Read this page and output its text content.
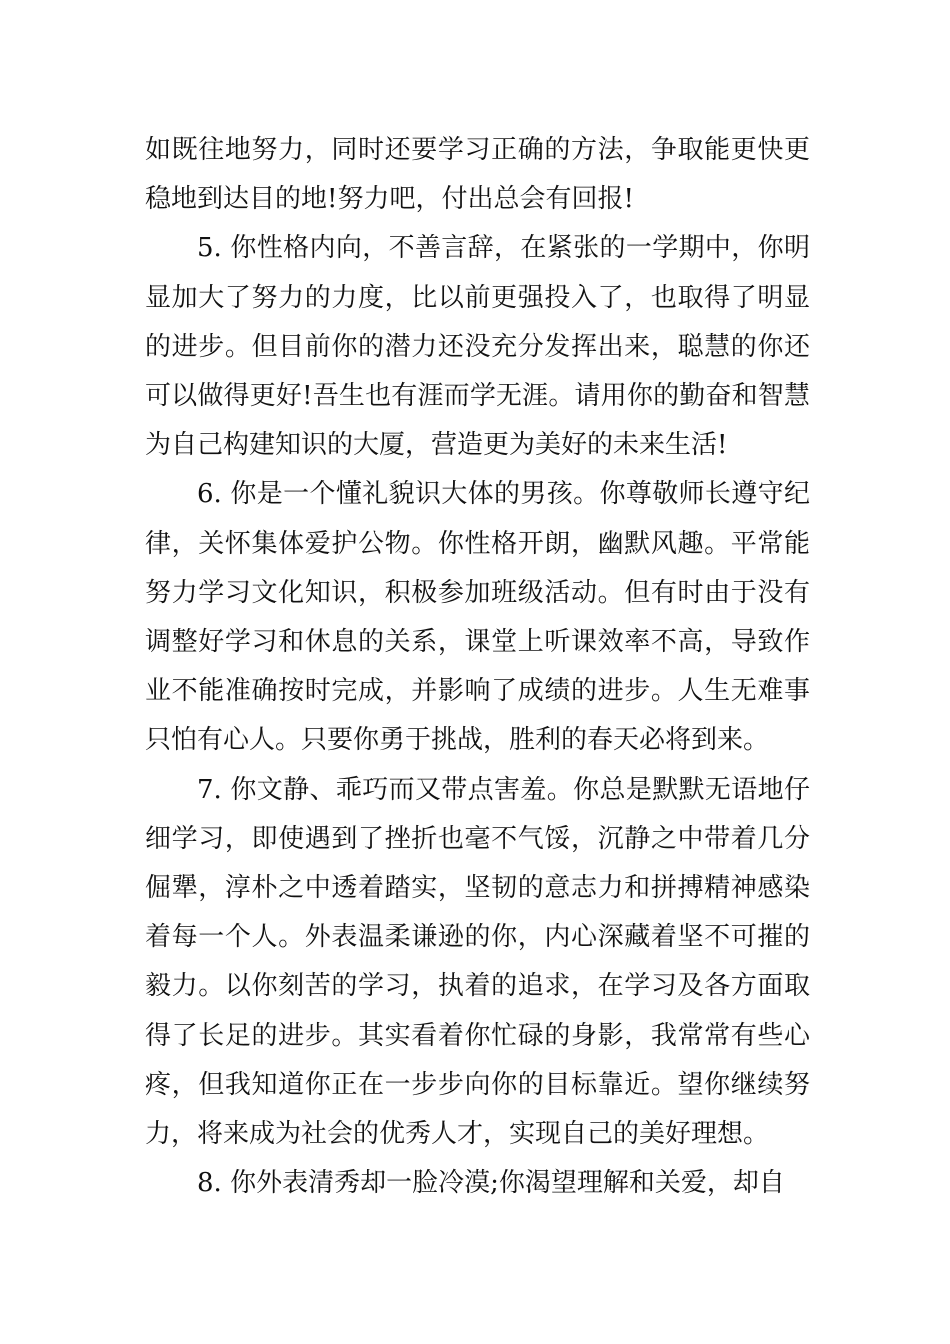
如既往地努力，同时还要学习正确的方法，争取能更快更稳地到达目的地!努力吧，付出总会有回报!

5. 你性格内向，不善言辞，在紧张的一学期中，你明显加大了努力的力度，比以前更强投入了，也取得了明显的进步。但目前你的潜力还没充分发挥出来，聪慧的你还可以做得更好!吾生也有涯而学无涯。请用你的勤奋和智慧为自己构建知识的大厦，营造更为美好的未来生活!

6. 你是一个懂礼貌识大体的男孩。你尊敬师长遵守纪律，关怀集体爱护公物。你性格开朗，幽默风趣。平常能努力学习文化知识，积极参加班级活动。但有时由于没有调整好学习和休息的关系，课堂上听课效率不高，导致作业不能准确按时完成，并影响了成绩的进步。人生无难事只怕有心人。只要你勇于挑战，胜利的春天必将到来。

7. 你文静、乖巧而又带点害羞。你总是默默无语地仔细学习，即使遇到了挫折也毫不气馁，沉静之中带着几分倔犟，淳朴之中透着踏实，坚韧的意志力和拼搏精神感染着每一个人。外表温柔谦逊的你，内心深藏着坚不可摧的毅力。以你刻苦的学习，执着的追求，在学习及各方面取得了长足的进步。其实看着你忙碌的身影，我常常有些心疼，但我知道你正在一步步向你的目标靠近。望你继续努力，将来成为社会的优秀人才，实现自己的美好理想。

8. 你外表清秀却一脸冷漠;你渴望理解和关爱，却自
